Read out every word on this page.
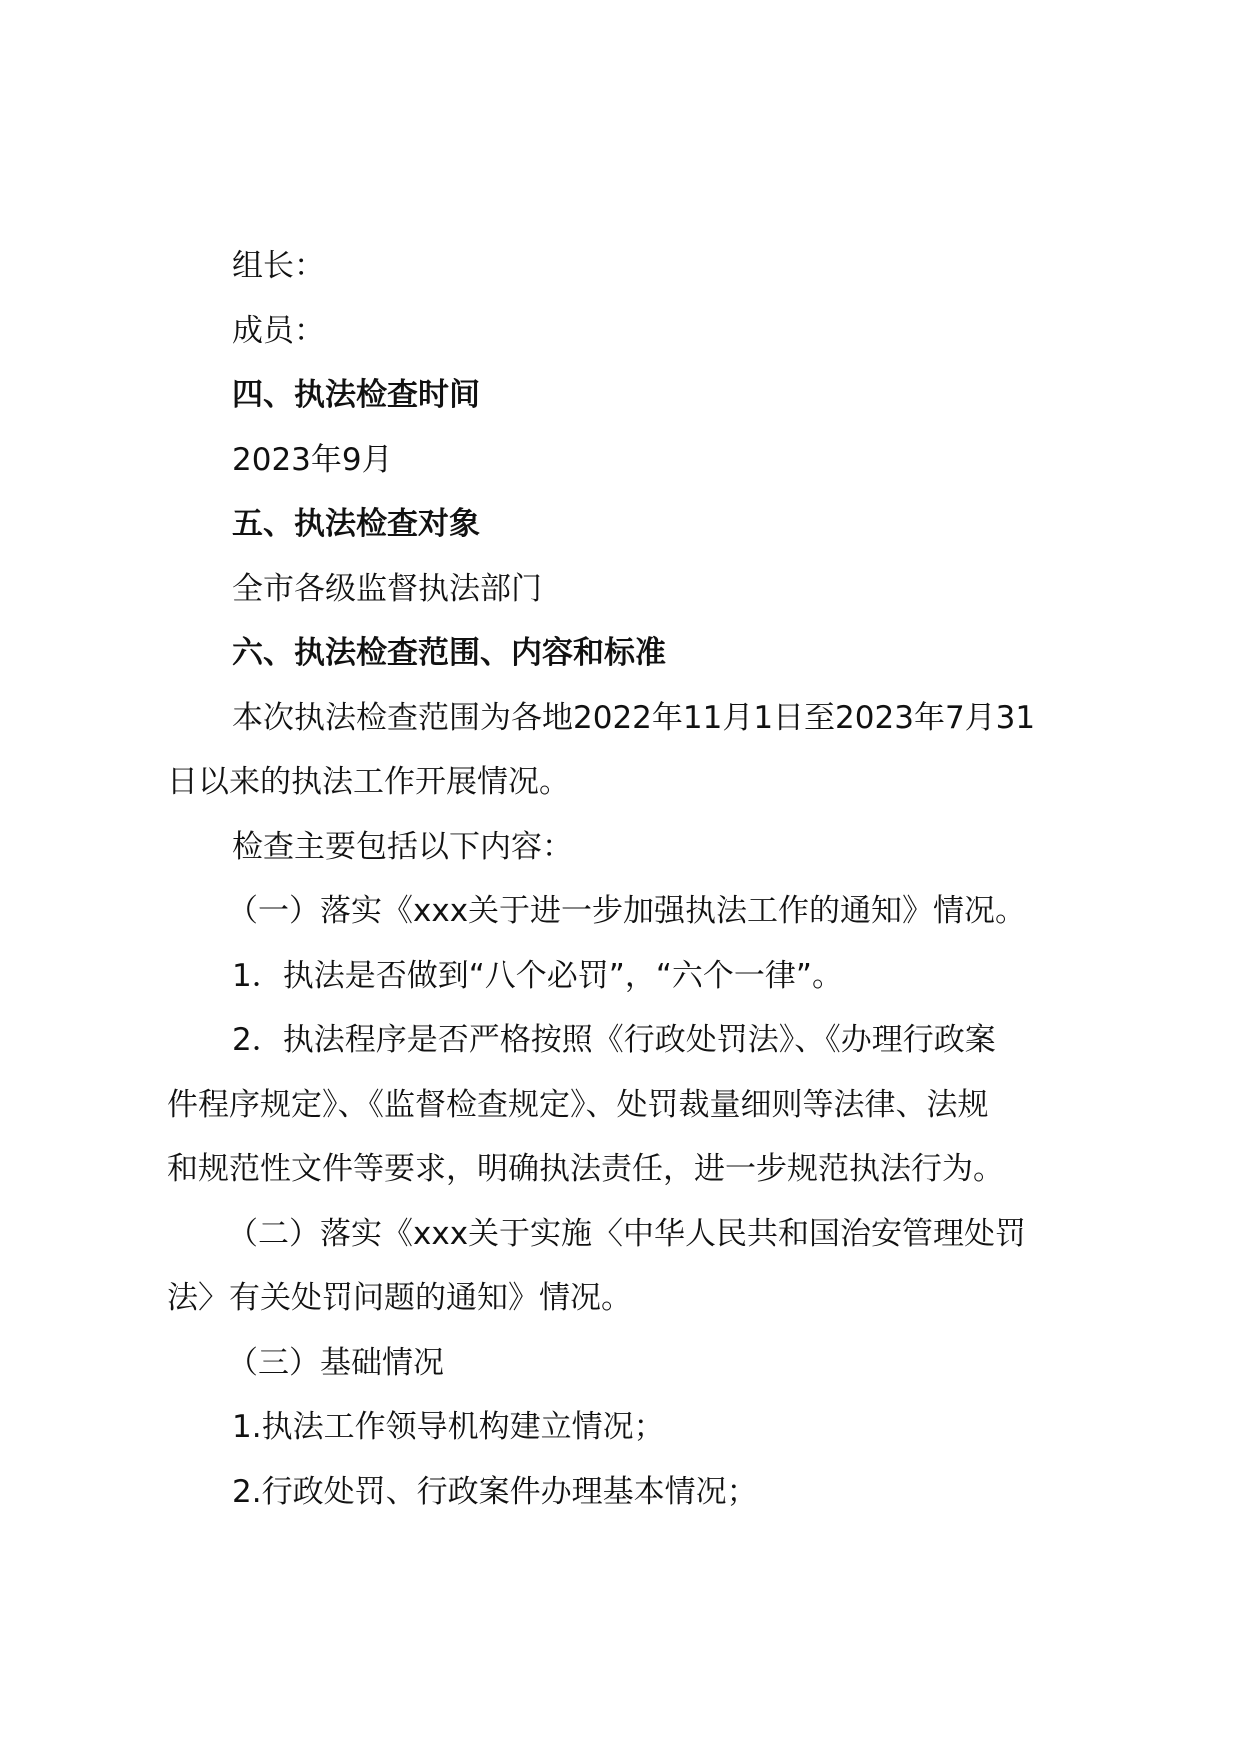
组长：

成员：

四、执法检查时间

2023年9月

五、执法检查对象

全市各级监督执法部门

六、执法检查范围、内容和标准

本次执法检查范围为各地2022年11月1日至2023年7月31

日以来的执法工作开展情况。

检查主要包括以下内容：

（一）落实《xxx关于进一步加强执法工作的通知》情况。

1．执法是否做到“八个必罚”，“六个一律”。

2．执法程序是否严格按照《行政处罚法》、《办理行政案

件程序规定》、《监督检查规定》、处罚裁量细则等法律、法规

和规范性文件等要求，明确执法责任，进一步规范执法行为。

（二）落实《xxx关于实施〈中华人民共和国治安管理处罚

法〉有关处罚问题的通知》情况。

（三）基础情况

1.执法工作领导机构建立情况；

2.行政处罚、行政案件办理基本情况；
